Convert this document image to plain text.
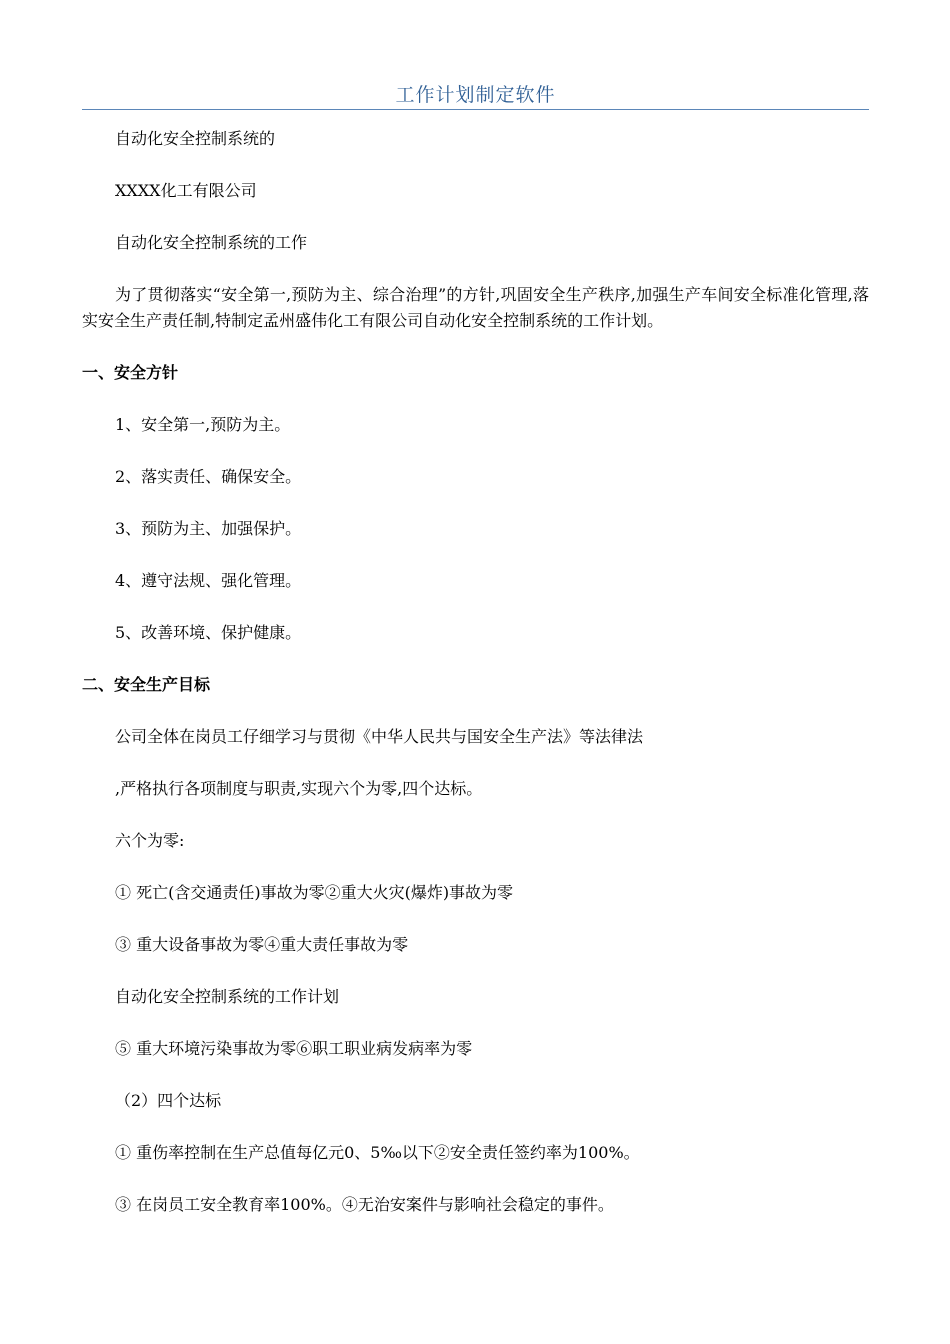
工作计划制定软件

自动化安全控制系统的

XXXX化工有限公司

自动化安全控制系统的工作

为了贯彻落实“安全第一,预防为主、综合治理”的方针,巩固安全生产秩序,加强生产车间安全标准化管理,落实安全生产责任制,特制定孟州盛伟化工有限公司自动化安全控制系统的工作计划。

一、安全方针

1、安全第一,预防为主。

2、落实责任、确保安全。

3、预防为主、加强保护。

4、遵守法规、强化管理。

5、改善环境、保护健康。

二、安全生产目标

公司全体在岗员工仔细学习与贯彻《中华人民共与国安全生产法》等法律法

,严格执行各项制度与职责,实现六个为零,四个达标。

六个为零:

① 死亡(含交通责任)事故为零②重大火灾(爆炸)事故为零

③ 重大设备事故为零④重大责任事故为零

自动化安全控制系统的工作计划

⑤ 重大环境污染事故为零⑥职工职业病发病率为零

（2）四个达标

① 重伤率控制在生产总值每亿元0、5‰以下②安全责任签约率为100%。

③ 在岗员工安全教育率100%。④无治安案件与影响社会稳定的事件。
